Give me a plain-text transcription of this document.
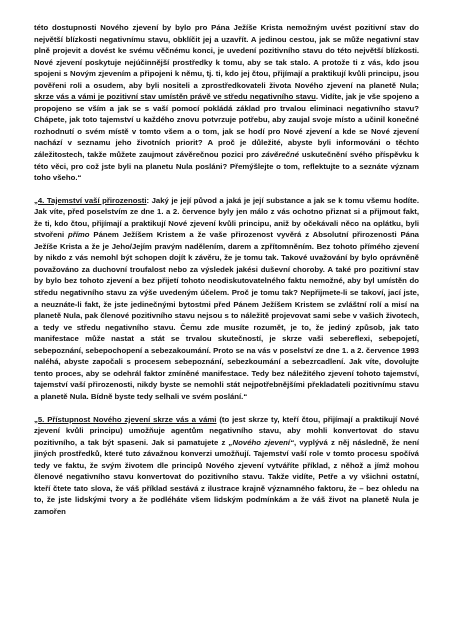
této dostupnosti Nového zjevení by bylo pro Pána Ježíše Krista nemožným uvést pozitivní stav do největší blízkosti negativnímu stavu, obklíčit jej a uzavřít. A jedinou cestou, jak se může negativní stav plně projevit a dovést ke svému věčnému konci, je uvedení pozitivního stavu do této největší blízkosti. Nové zjevení poskytuje nejúčinnější prostředky k tomu, aby se tak stalo. A protože ti z vás, kdo jsou spojeni s Novým zjevením a připojeni k němu, tj. ti, kdo jej čtou, přijímají a praktikují kvůli principu, jsou pověřeni roli a osudem, aby byli nositeli a zprostředkovateli života Nového zjevení na planetě Nula; skrze vás a vámi je pozitivní stav umístěn právě ve středu negativního stavu. Vidíte, jak je vše spojeno a propojeno se vším a jak se s vaší pomocí pokládá základ pro trvalou eliminaci negativního stavu? Chápete, jak toto tajemství u každého znovu potvrzuje potřebu, aby zaujal svoje místo a učinil konečné rozhodnutí o svém místě v tomto všem a o tom, jak se hodí pro Nové zjevení a kde se Nové zjevení nachází v seznamu jeho životních priorit? A proč je důležité, abyste byli informováni o těchto záležitostech, takže můžete zaujmout závěrečnou pozici pro závěrečné uskutečnění svého příspěvku k této věci, pro což jste byli na planetu Nula posláni? Přemýšlejte o tom, reflektujte to a seznáte význam toho všeho.“

„4. Tajemství vaší přirozenosti: Jaký je její původ a jaká je její substance a jak se k tomu všemu hodíte. Jak víte, před poselstvím ze dne 1. a 2. července byly jen málo z vás ochotno přiznat si a přijmout fakt, že ti, kdo čtou, přijímají a praktikují Nové zjevení kvůli principu, aniž by očekávali něco na oplátku, byli stvořeni přímo Pánem Ježíšem Kristem a že vaše přirozenost vyvěrá z Absolutní přirozenosti Pána Ježíše Krista a že je Jeho/Jejím pravým nadělením, darem a zpřítomněním. Bez tohoto přímého zjevení by nikdo z vás nemohl být schopen dojít k závěru, že je tomu tak. Takové uvažování by bylo oprávněně považováno za duchovní troufalost nebo za výsledek jakési duševní choroby. A také pro pozitivní stav by bylo bez tohoto zjevení a bez přijetí tohoto neodiskutovatelného faktu nemožné, aby byl umístěn do středu negativního stavu za výše uvedeným účelem. Proč je tomu tak? Nepřijmete-li se takoví, jací jste, a neuznáte-li fakt, že jste jedinečnými bytostmi před Pánem Ježíšem Kristem se zvláštní rolí a misí na planetě Nula, pak členové pozitivního stavu nejsou s to náležitě projevovat sami sebe v vašich životech, a tedy ve středu negativního stavu. Čemu zde musíte rozumět, je to, že jediný způsob, jak tato manifestace může nastat a stát se trvalou skutečností, je skrze vaši sebereflexi, sebepojetí, sebepoznání, sebepochopení a sebezakoumání. Proto se na vás v poselství ze dne 1. a 2. července 1993 naléhá, abyste započali s procesem sebepoznání, sebezkoumání a sebezrcadlení. Jak víte, dovolujte tento proces, aby se odehrál faktor zmíněné manifestace. Tedy bez náležitého zjevení tohoto tajemství, tajemství vaší přirozenosti, nikdy byste se nemohli stát nejpotřebnějšími překladateli pozitivnímu stavu a planetě Nula. Bídně byste tedy selhali ve svém poslání.“

„5. Přístupnost Nového zjevení skrze vás a vámi (to jest skrze ty, kteří čtou, přijímají a praktikují Nové zjevení kvůli principu) umožňuje agentům negativního stavu, aby mohli konvertovat do stavu pozitivního, a tak být spaseni. Jak si pamatujete z „Nového zjevení“, vyplývá z něj následně, že není jiných prostředků, které tuto závažnou konverzi umožňují. Tajemství vaší role v tomto procesu spočívá tedy ve faktu, že svým životem dle principů Nového zjevení vytváříte příklad, z něhož a jímž mohou členové negativního stavu konvertovat do pozitivního stavu. Takže vidíte, Petře a vy všichni ostatní, kteří čtete tato slova, že váš příklad sestává z ilustrace krajně významného faktoru, že – bez ohledu na to, že jste lidskými tvory a že podléháte všem lidským podmínkám a že váš život na planetě Nula je zamořen
